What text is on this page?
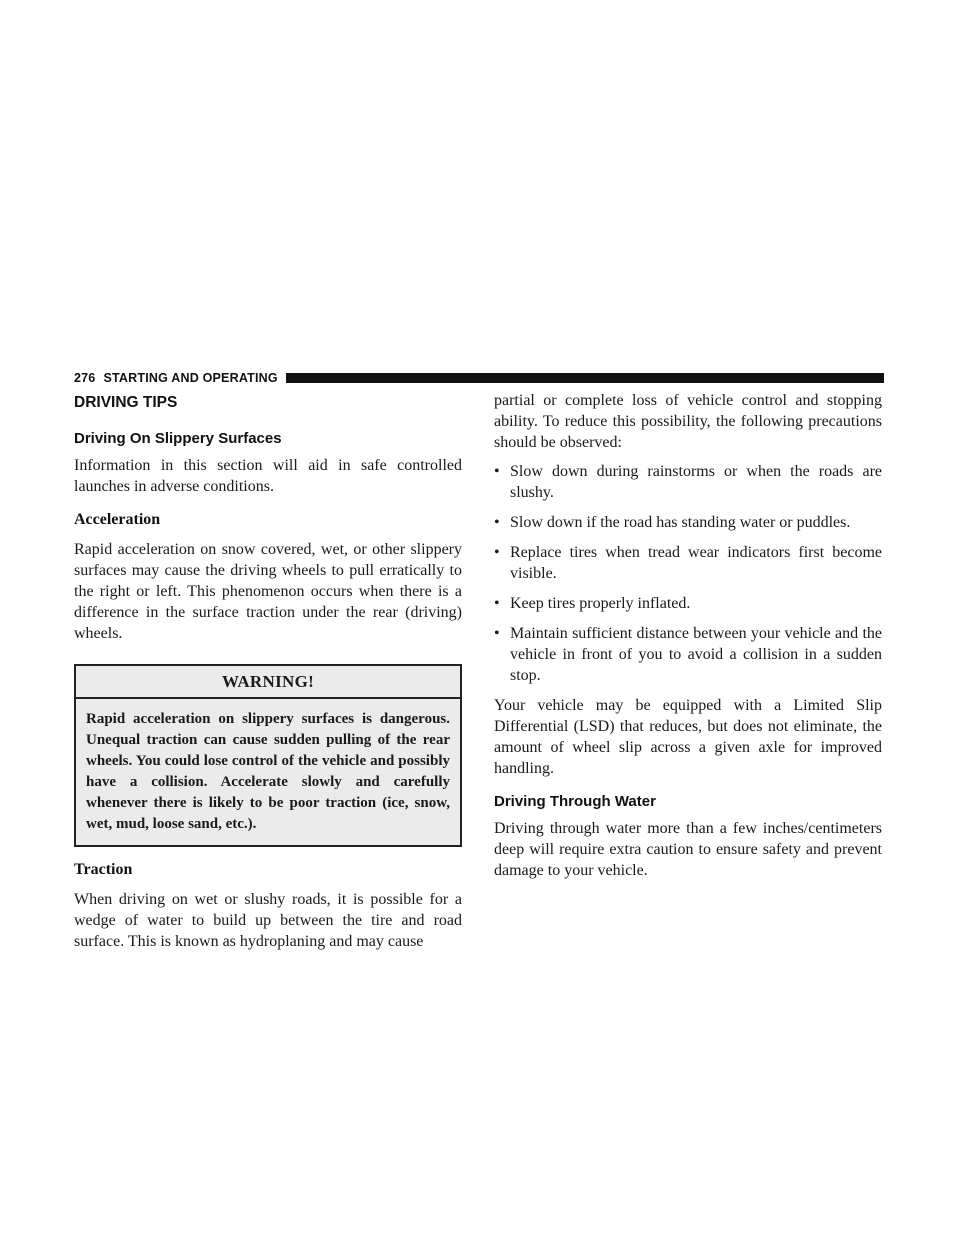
276 STARTING AND OPERATING
DRIVING TIPS
Driving On Slippery Surfaces

Information in this section will aid in safe controlled launches in adverse conditions.

Acceleration

Rapid acceleration on snow covered, wet, or other slippery surfaces may cause the driving wheels to pull erratically to the right or left. This phenomenon occurs when there is a difference in the surface traction under the rear (driving) wheels.

WARNING!
Rapid acceleration on slippery surfaces is dangerous. Unequal traction can cause sudden pulling of the rear wheels. You could lose control of the vehicle and possibly have a collision. Accelerate slowly and carefully whenever there is likely to be poor traction (ice, snow, wet, mud, loose sand, etc.).
Traction

When driving on wet or slushy roads, it is possible for a wedge of water to build up between the tire and road surface. This is known as hydroplaning and may cause

partial or complete loss of vehicle control and stopping ability. To reduce this possibility, the following precautions should be observed:

• Slow down during rainstorms or when the roads are slushy.
• Slow down if the road has standing water or puddles.
• Replace tires when tread wear indicators first become visible.
• Keep tires properly inflated.
• Maintain sufficient distance between your vehicle and the vehicle in front of you to avoid a collision in a sudden stop.

Your vehicle may be equipped with a Limited Slip Differential (LSD) that reduces, but does not eliminate, the amount of wheel slip across a given axle for improved handling.

Driving Through Water

Driving through water more than a few inches/centimeters deep will require extra caution to ensure safety and prevent damage to your vehicle.
